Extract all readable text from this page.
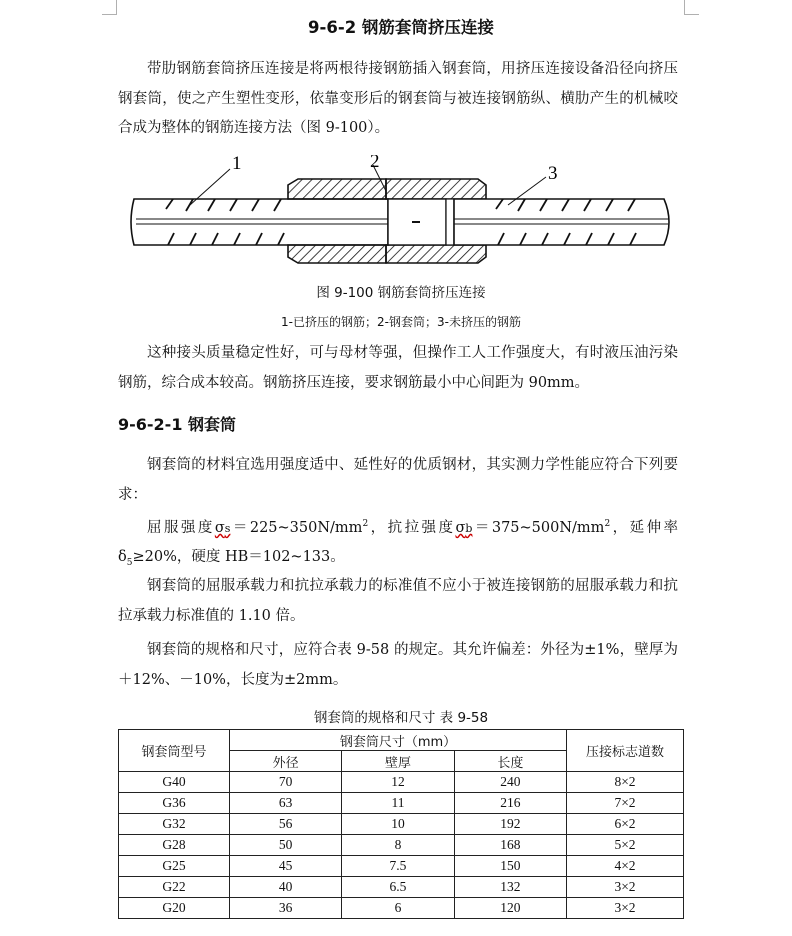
9-6-2 钢筋套筒挤压连接
带肋钢筋套筒挤压连接是将两根待接钢筋插入钢套筒，用挤压连接设备沿径向挤压钢套筒，使之产生塑性变形，依靠变形后的钢套筒与被连接钢筋纵、横肋产生的机械咬合成为整体的钢筋连接方法（图 9-100）。
1	2
3
图 9-100 钢筋套筒挤压连接
1-已挤压的钢筋；2-钢套筒；3-未挤压的钢筋
这种接头质量稳定性好，可与母材等强，但操作工人工作强度大，有时液压油污染钢筋，综合成本较高。钢筋挤压连接，要求钢筋最小中心间距为 90mm。
9-6-2-1 钢套筒
钢套筒的材料宜选用强度适中、延性好的优质钢材，其实测力学性能应符合下列要求：
屈服强度$\sigma s=225\sim 350N/mm^2$，抗拉强度$\sigma b=375\sim 500N/mm^2$，延伸率 $\delta_5\ge 20\%$，硬度 HB＝102~133。
钢套筒的屈服承载力和抗拉承载力的标准值不应小于被连接钢筋的屈服承载力和抗拉承载力标准值的 1.10 倍。
钢套筒的规格和尺寸，应符合表 9-58 的规定。其允许偏差：外径为±1%，壁厚为＋12%、－10%，长度为±2mm。
钢套筒的规格和尺寸 表 9-58
钢套筒型号	钢套筒尺寸（mm）			压接标志道数
	外径	壁厚	长度	
G40	70	12	240	8×2
G36	63	11	216	7×2
G32	56	10	192	6×2
G28	50	8	168	5×2
G25	45	7.5	150	4×2
G22	40	6.5	132	3×2
G20	36	6	120	3×2
